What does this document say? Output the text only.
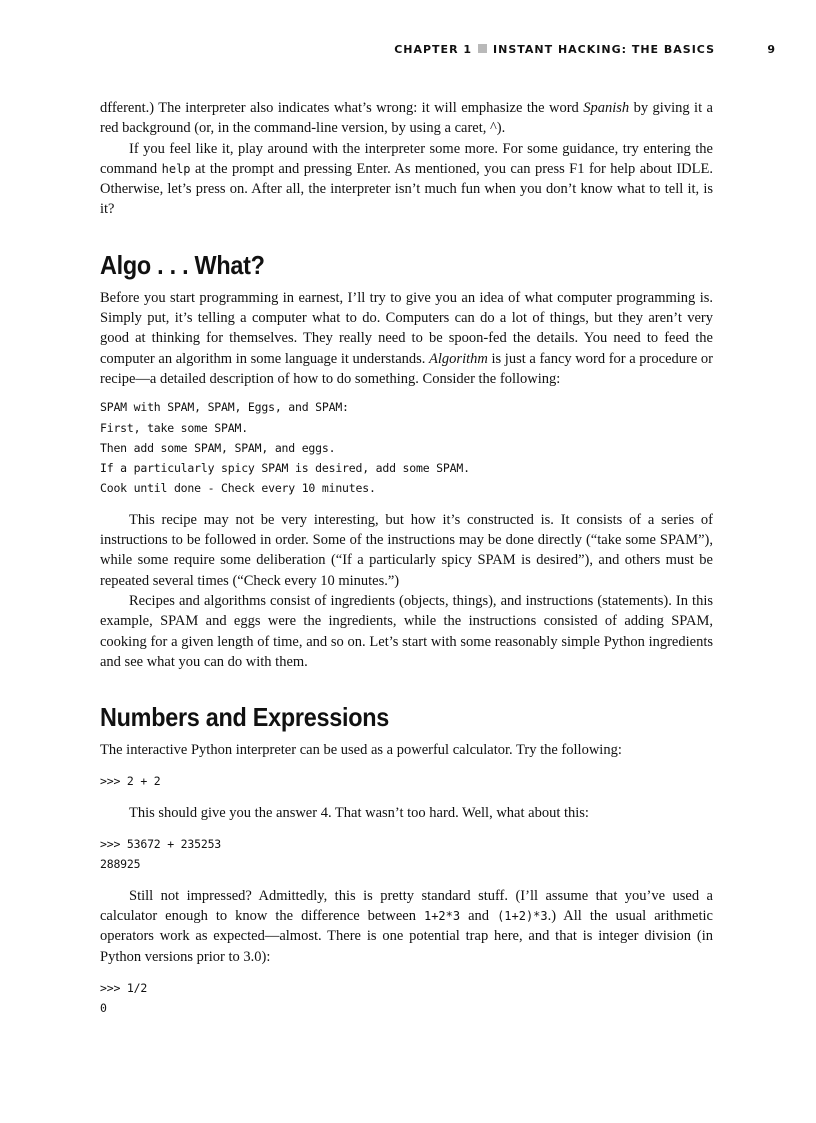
CHAPTER 1 INSTANT HACKING: THE BASICS	9

dfferent.) The interpreter also indicates what’s wrong: it will emphasize the word Spanish by giving it a red background (or, in the command-line version, by using a caret, ^).

If you feel like it, play around with the interpreter some more. For some guidance, try entering the command help at the prompt and pressing Enter. As mentioned, you can press F1 for help about IDLE. Otherwise, let’s press on. After all, the interpreter isn’t much fun when you don’t know what to tell it, is it?

Algo . . . What?

Before you start programming in earnest, I’ll try to give you an idea of what computer programming is. Simply put, it’s telling a computer what to do. Computers can do a lot of things, but they aren’t very good at thinking for themselves. They really need to be spoon-fed the details. You need to feed the computer an algorithm in some language it understands. Algorithm is just a fancy word for a procedure or recipe—a detailed description of how to do something. Consider the following:

SPAM with SPAM, SPAM, Eggs, and SPAM:
First, take some SPAM.
Then add some SPAM, SPAM, and eggs.
If a particularly spicy SPAM is desired, add some SPAM.
Cook until done - Check every 10 minutes.

This recipe may not be very interesting, but how it’s constructed is. It consists of a series of instructions to be followed in order. Some of the instructions may be done directly (“take some SPAM”), while some require some deliberation (“If a particularly spicy SPAM is desired”), and others must be repeated several times (“Check every 10 minutes.”)

Recipes and algorithms consist of ingredients (objects, things), and instructions (statements). In this example, SPAM and eggs were the ingredients, while the instructions consisted of adding SPAM, cooking for a given length of time, and so on. Let’s start with some reasonably simple Python ingredients and see what you can do with them.

Numbers and Expressions

The interactive Python interpreter can be used as a powerful calculator. Try the following:

>>> 2 + 2

This should give you the answer 4. That wasn’t too hard. Well, what about this:

>>> 53672 + 235253
288925

Still not impressed? Admittedly, this is pretty standard stuff. (I’ll assume that you’ve used a calculator enough to know the difference between 1+2*3 and (1+2)*3.) All the usual arithmetic operators work as expected—almost. There is one potential trap here, and that is integer division (in Python versions prior to 3.0):

>>> 1/2
0
